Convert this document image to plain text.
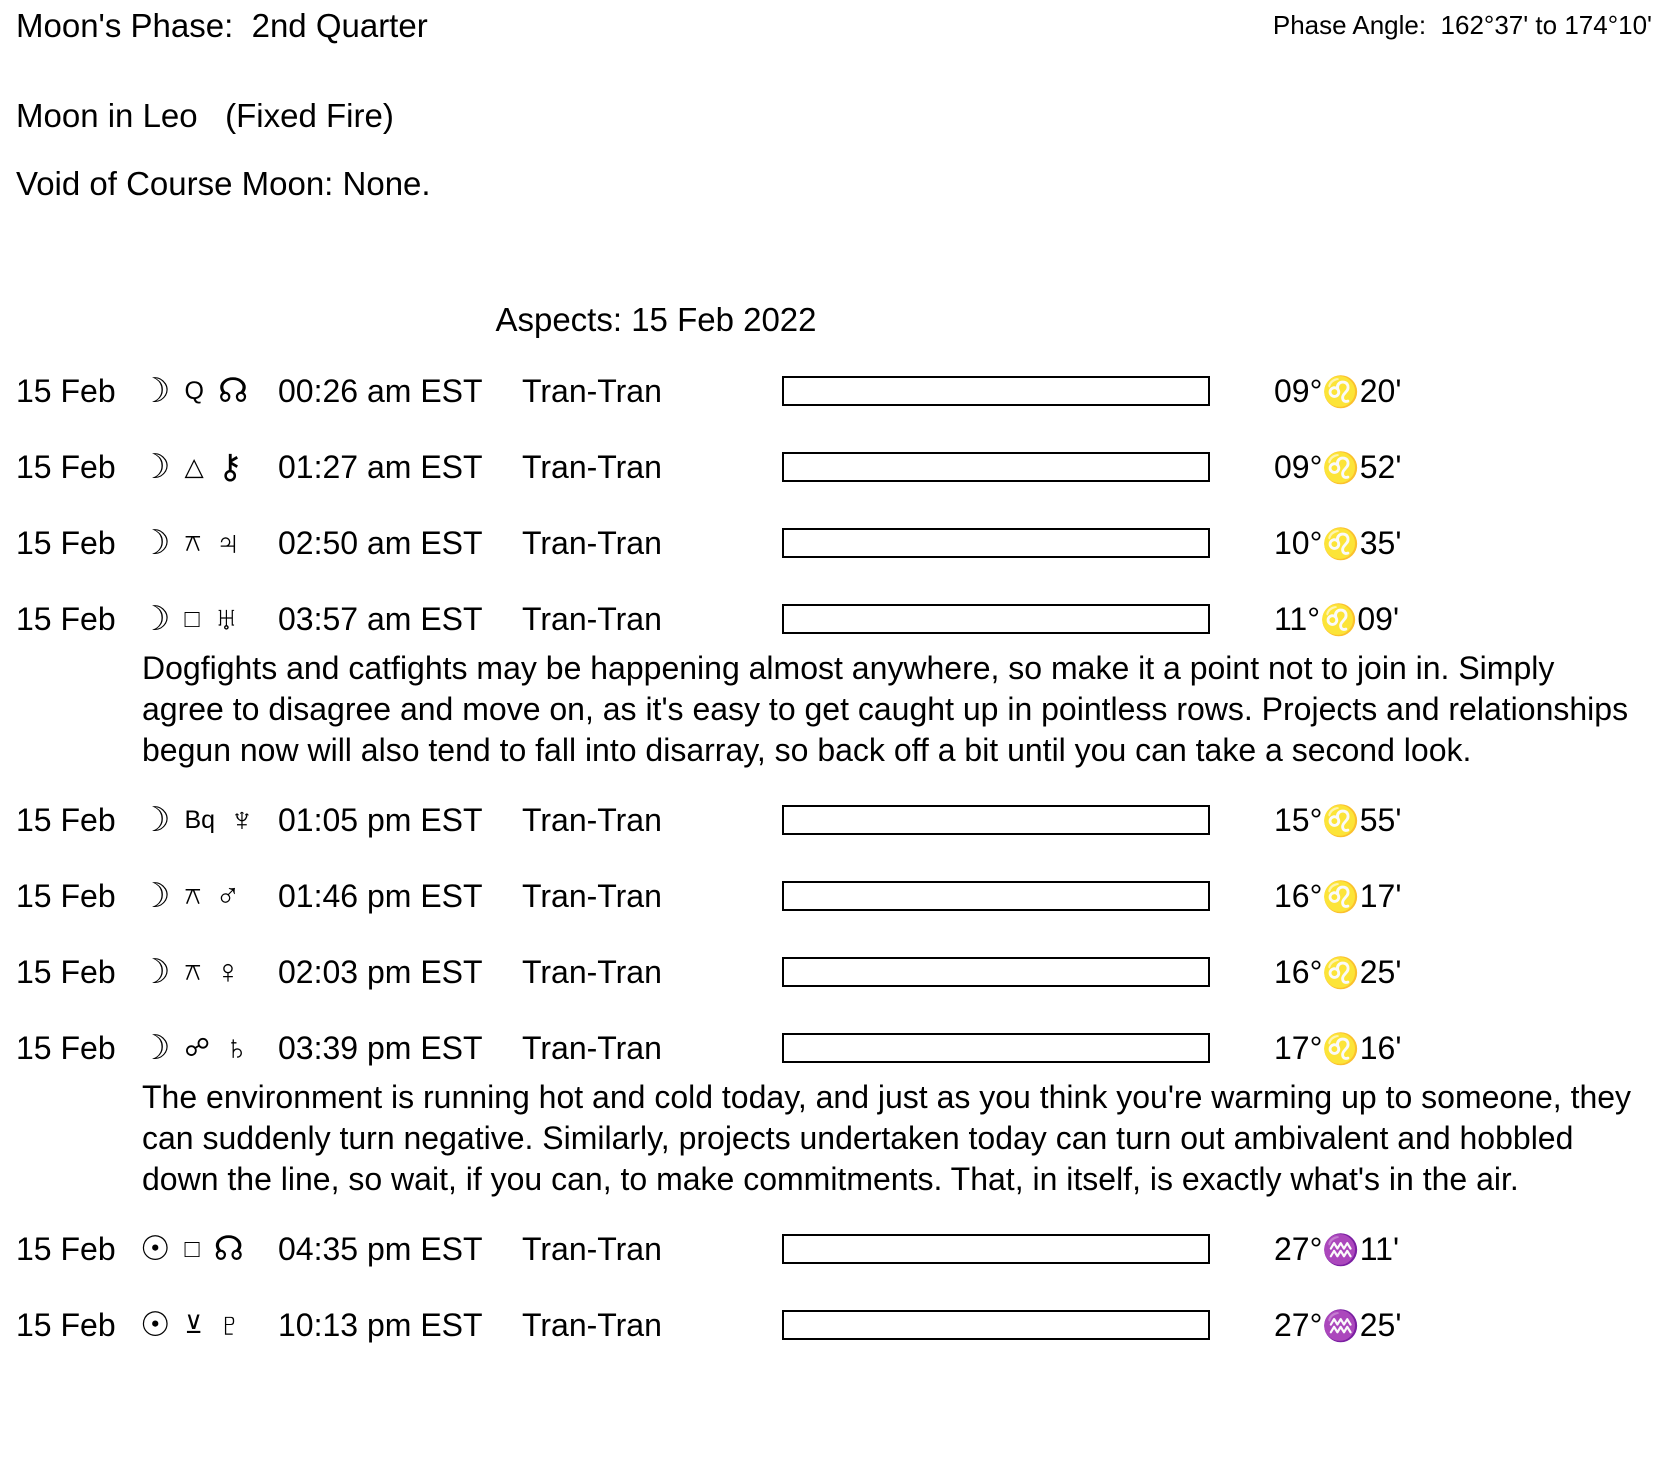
Moon's Phase:  2nd Quarter	Phase Angle:  162°37' to 174°10'
Moon in Leo   (Fixed Fire)
Void of Course Moon: None.
Aspects: 15 Feb 2022
15 Feb ☽ Q ☊ 00:26 am EST	Tran-Tran	09°♌20'
15 Feb ☽ △ ⚷ 01:27 am EST	Tran-Tran	09°♌52'
15 Feb ☽ ⚻ ♃ 02:50 am EST	Tran-Tran	10°♌35'
15 Feb ☽ □ ♅ 03:57 am EST	Tran-Tran	11°♌09'

Dogfights and catfights may be happening almost anywhere, so make it a point not to join in. Simply agree to disagree and move on, as it's easy to get caught up in pointless rows. Projects and relationships begun now will also tend to fall into disarray, so back off a bit until you can take a second look.

15 Feb ☽ Bq ♆ 01:05 pm EST	Tran-Tran	15°♌55'
15 Feb ☽ ⚻ ♂ 01:46 pm EST	Tran-Tran	16°♌17'
15 Feb ☽ ⚻ ♀ 02:03 pm EST	Tran-Tran	16°♌25'
15 Feb ☽ ☍ ♄ 03:39 pm EST	Tran-Tran	17°♌16'

The environment is running hot and cold today, and just as you think you're warming up to someone, they can suddenly turn negative. Similarly, projects undertaken today can turn out ambivalent and hobbled down the line, so wait, if you can, to make commitments. That, in itself, is exactly what's in the air.

15 Feb ☉ □ ☊ 04:35 pm EST	Tran-Tran	27°♒11'
15 Feb ☉ ⊻ ♇ 10:13 pm EST	Tran-Tran	27°♒25'
